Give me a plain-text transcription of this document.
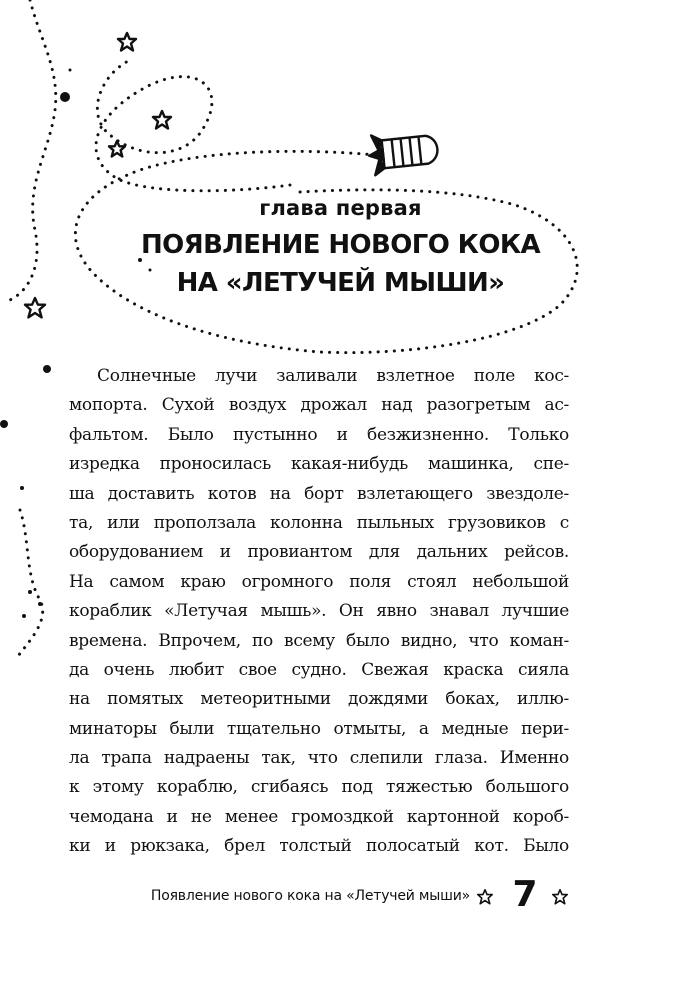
глава первая

ПОЯВЛЕНИЕ НОВОГО КОКА
НА «ЛЕТУЧЕЙ МЫШИ»
Солнечные лучи заливали взлетное поле кос-
мопорта. Сухой воздух дрожал над разогретым ас-
фальтом. Было пустынно и безжизненно. Только
изредка проносилась какая-нибудь машинка, спе-
ша доставить котов на борт взлетающего звездоле-
та, или проползала колонна пыльных грузовиков с
оборудованием и провиантом для дальних рейсов.
На самом краю огромного поля стоял небольшой
кораблик «Летучая мышь». Он явно знавал лучшие
времена. Впрочем, по всему было видно, что коман-
да очень любит свое судно. Свежая краска сияла
на помятых метеоритными дождями боках, иллю-
минаторы были тщательно отмыты, а медные пери-
ла трапа надраены так, что слепили глаза. Именно
к этому кораблю, сгибаясь под тяжестью большого
чемодана и не менее громоздкой картонной короб-
ки и рюкзака, брел толстый полосатый кот. Было

Появление нового кока на «Летучей мыши» 7
